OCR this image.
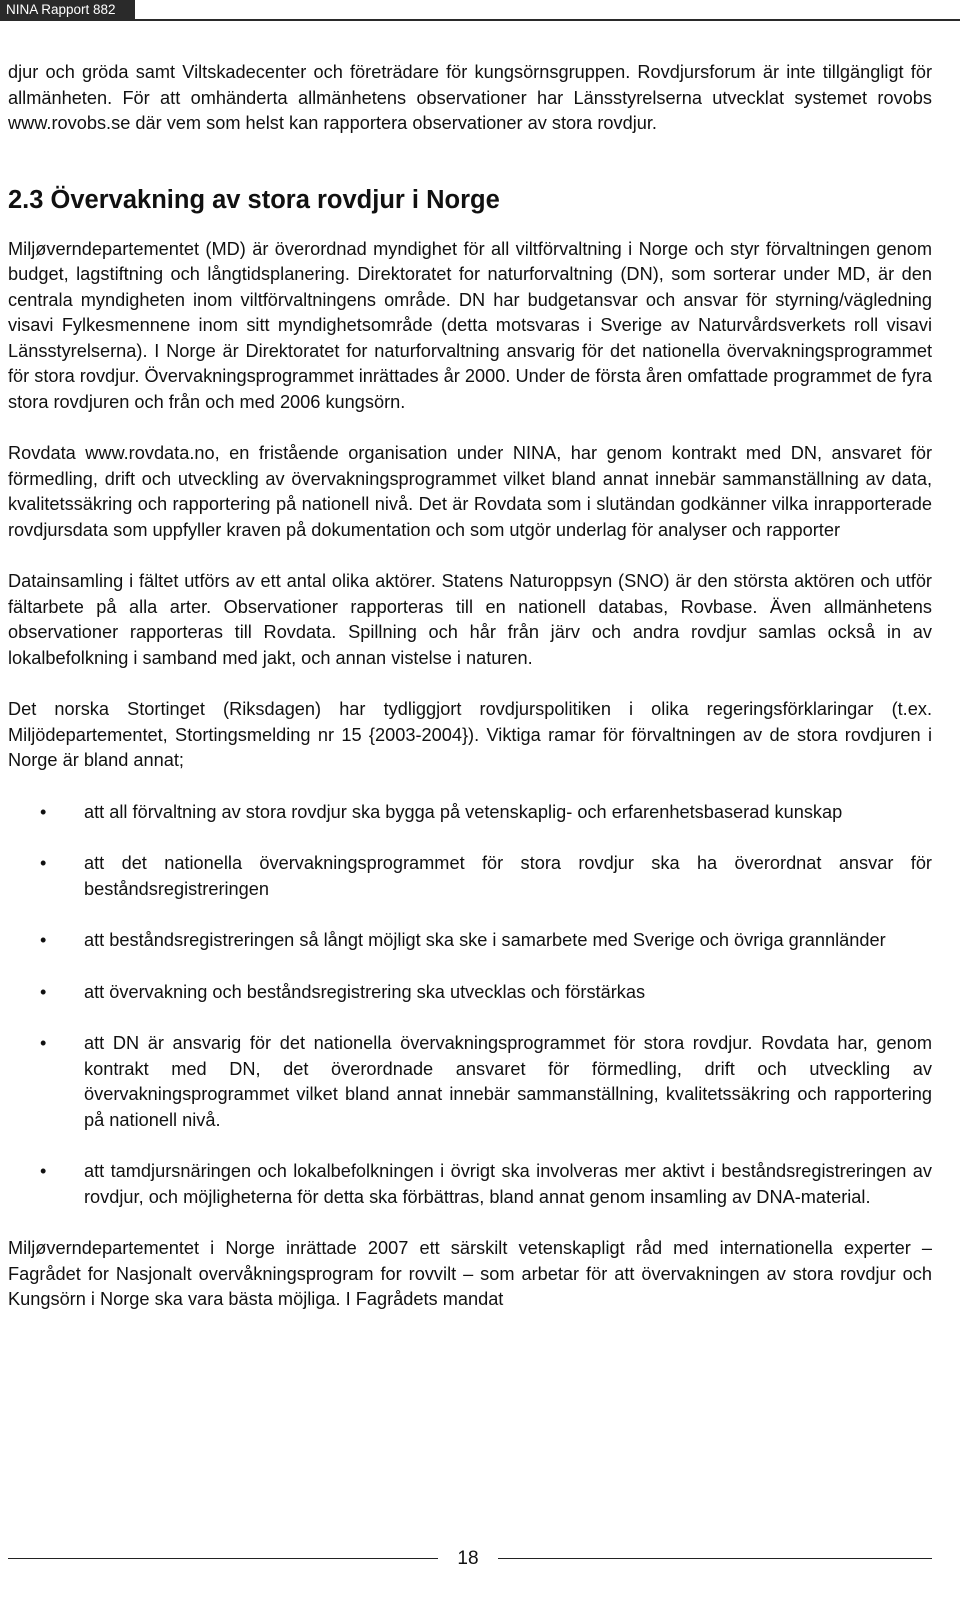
NINA Rapport 882

djur och gröda samt Viltskadecenter och företrädare för kungsörnsgruppen. Rovdjursforum är inte tillgängligt för allmänheten. För att omhänderta allmänhetens observationer har Länsstyrelserna utvecklat systemet rovobs www.rovobs.se där vem som helst kan rapportera observationer av stora rovdjur.

2.3 Övervakning av stora rovdjur i Norge

Miljøverndepartementet (MD) är överordnad myndighet för all viltförvaltning i Norge och styr förvaltningen genom budget, lagstiftning och långtidsplanering. Direktoratet for naturforvaltning (DN), som sorterar under MD, är den centrala myndigheten inom viltförvaltningens område. DN har budgetansvar och ansvar för styrning/vägledning visavi Fylkesmennene inom sitt myndighetsområde (detta motsvaras i Sverige av Naturvårdsverkets roll visavi Länsstyrelserna). I Norge är Direktoratet for naturforvaltning ansvarig för det nationella övervakningsprogrammet för stora rovdjur. Övervakningsprogrammet inrättades år 2000. Under de första åren omfattade programmet de fyra stora rovdjuren och från och med 2006 kungsörn.

Rovdata www.rovdata.no, en fristående organisation under NINA, har genom kontrakt med DN, ansvaret för förmedling, drift och utveckling av övervakningsprogrammet vilket bland annat innebär sammanställning av data, kvalitetssäkring och rapportering på nationell nivå. Det är Rovdata som i slutändan godkänner vilka inrapporterade rovdjursdata som uppfyller kraven på dokumentation och som utgör underlag för analyser och rapporter

Datainsamling i fältet utförs av ett antal olika aktörer. Statens Naturoppsyn (SNO) är den största aktören och utför fältarbete på alla arter. Observationer rapporteras till en nationell databas, Rovbase. Även allmänhetens observationer rapporteras till Rovdata. Spillning och hår från järv och andra rovdjur samlas också in av lokalbefolkning i samband med jakt, och annan vistelse i naturen.

Det norska Stortinget (Riksdagen) har tydliggjort rovdjurspolitiken i olika regeringsförklaringar (t.ex. Miljödepartementet, Stortingsmelding nr 15 {2003-2004}). Viktiga ramar för förvaltningen av de stora rovdjuren i Norge är bland annat;

•	att all förvaltning av stora rovdjur ska bygga på vetenskaplig- och erfarenhetsbaserad kunskap
•	att det nationella övervakningsprogrammet för stora rovdjur ska ha överordnat ansvar för beståndsregistreringen
•	att beståndsregistreringen så långt möjligt ska ske i samarbete med Sverige och övriga grannländer
•	att övervakning och beståndsregistrering ska utvecklas och förstärkas
•	att DN är ansvarig för det nationella övervakningsprogrammet för stora rovdjur. Rovdata har, genom kontrakt med DN, det överordnade ansvaret för förmedling, drift och utveckling av övervakningsprogrammet vilket bland annat innebär sammanställning, kvalitetssäkring och rapportering på nationell nivå.
•	att tamdjursnäringen och lokalbefolkningen i övrigt ska involveras mer aktivt i beståndsregistreringen av rovdjur, och möjligheterna för detta ska förbättras, bland annat genom insamling av DNA-material.

Miljøverndepartementet i Norge inrättade 2007 ett särskilt vetenskapligt råd med internationella experter – Fagrådet for Nasjonalt overvåkningsprogram for rovvilt – som arbetar för att övervakningen av stora rovdjur och Kungsörn i Norge ska vara bästa möjliga. I Fagrådets mandat

18
